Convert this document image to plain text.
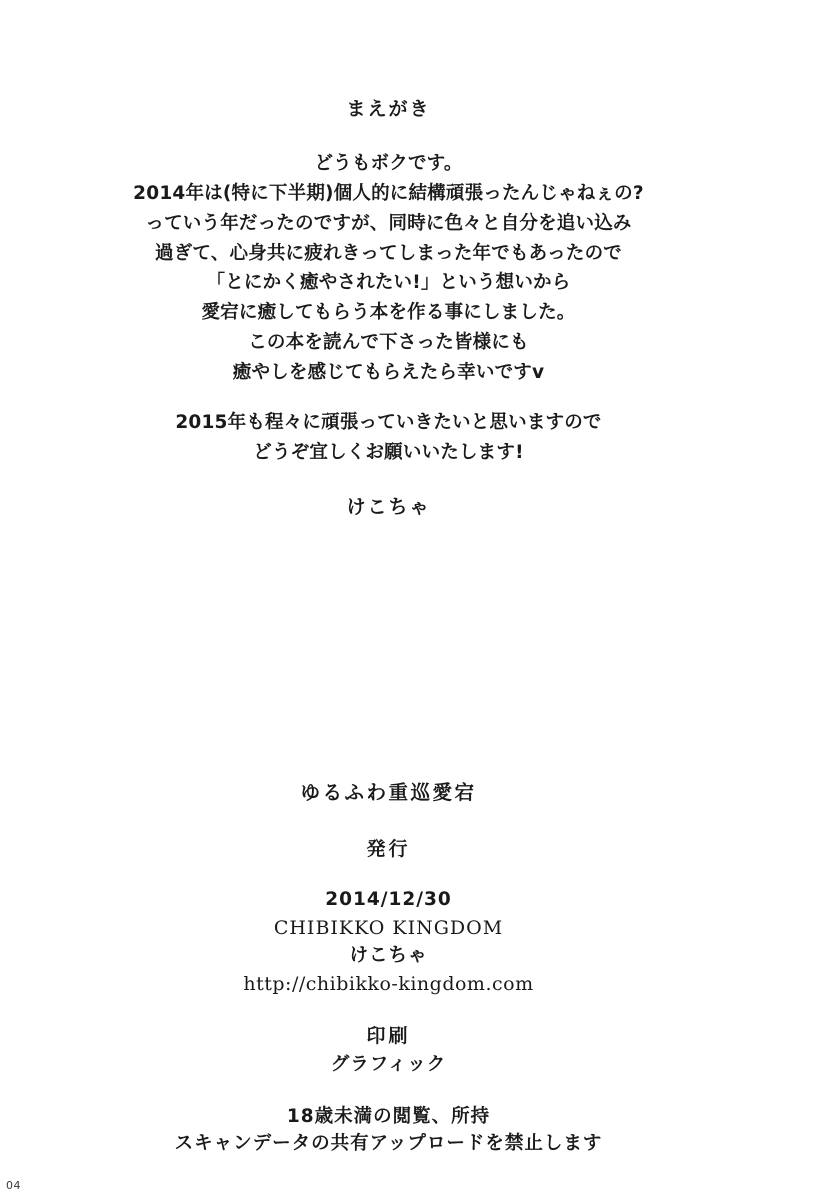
まえがき

どうもボクです。

2014年は(特に下半期)個人的に結構頑張ったんじゃねぇの?

っていう年だったのですが、同時に色々と自分を追い込み

過ぎて、心身共に疲れきってしまった年でもあったので

「とにかく癒やされたい!」という想いから

愛宕に癒してもらう本を作る事にしました。

この本を読んで下さった皆様にも

癒やしを感じてもらえたら幸いですv

2015年も程々に頑張っていきたいと思いますので

どうぞ宜しくお願いいたします!

けこちゃ
ゆるふわ重巡愛宕
発行
2014/12/30
CHIBIKKO KINGDOM
けこちゃ
http://chibikko-kingdom.com
印刷
グラフィック
18歳未満の閲覧、所持
スキャンデータの共有アップロードを禁止します
04
